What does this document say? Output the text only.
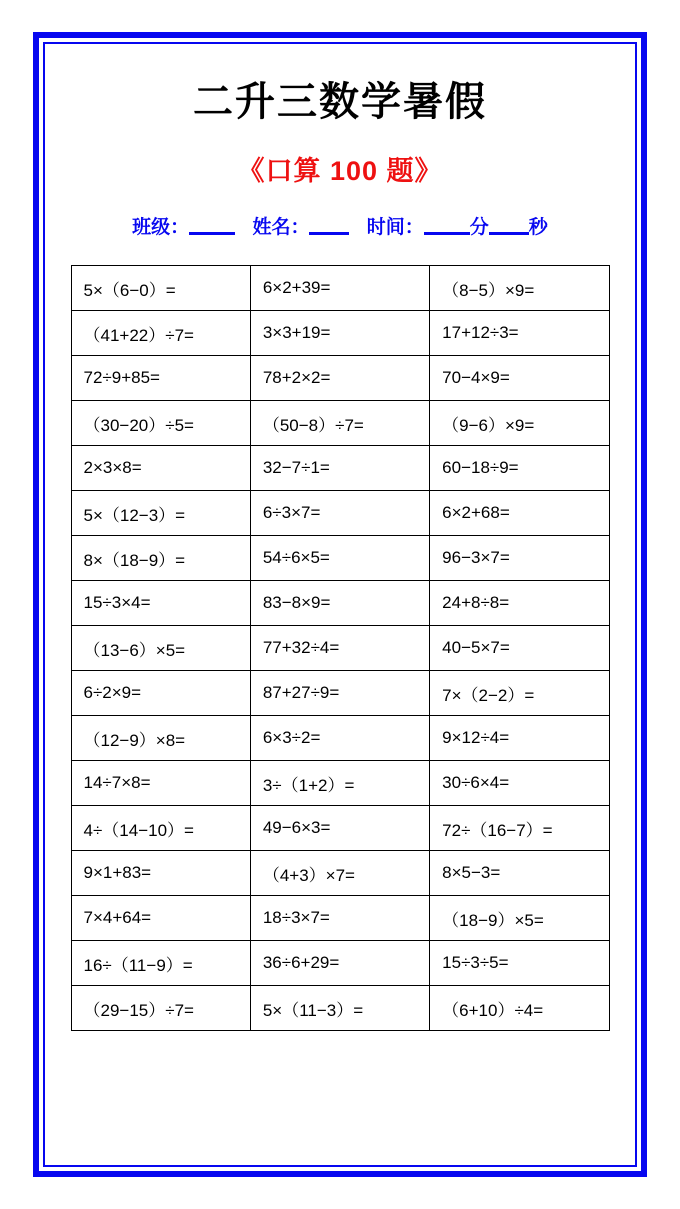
二升三数学暑假
《口算 100 题》
班级：	姓名：	时间： 分 秒
5×（6−0）=	6×2+39=	（8−5）×9=
（41+22）÷7=	3×3+19=	17+12÷3=
72÷9+85=	78+2×2=	70−4×9=
（30−20）÷5=	（50−8）÷7=	（9−6）×9=
2×3×8=	32−7÷1=	60−18÷9=
5×（12−3）=	6÷3×7=	6×2+68=
8×（18−9）=	54÷6×5=	96−3×7=
15÷3×4=	83−8×9=	24+8÷8=
（13−6）×5=	77+32÷4=	40−5×7=
6÷2×9=	87+27÷9=	7×（2−2）=
（12−9）×8=	6×3÷2=	9×12÷4=
14÷7×8=	3÷（1+2）=	30÷6×4=
4÷（14−10）=	49−6×3=	72÷（16−7）=
9×1+83=	（4+3）×7=	8×5−3=
7×4+64=	18÷3×7=	（18−9）×5=
16÷（11−9）=	36÷6+29=	15÷3÷5=
（29−15）÷7=	5×（11−3）=	（6+10）÷4=
